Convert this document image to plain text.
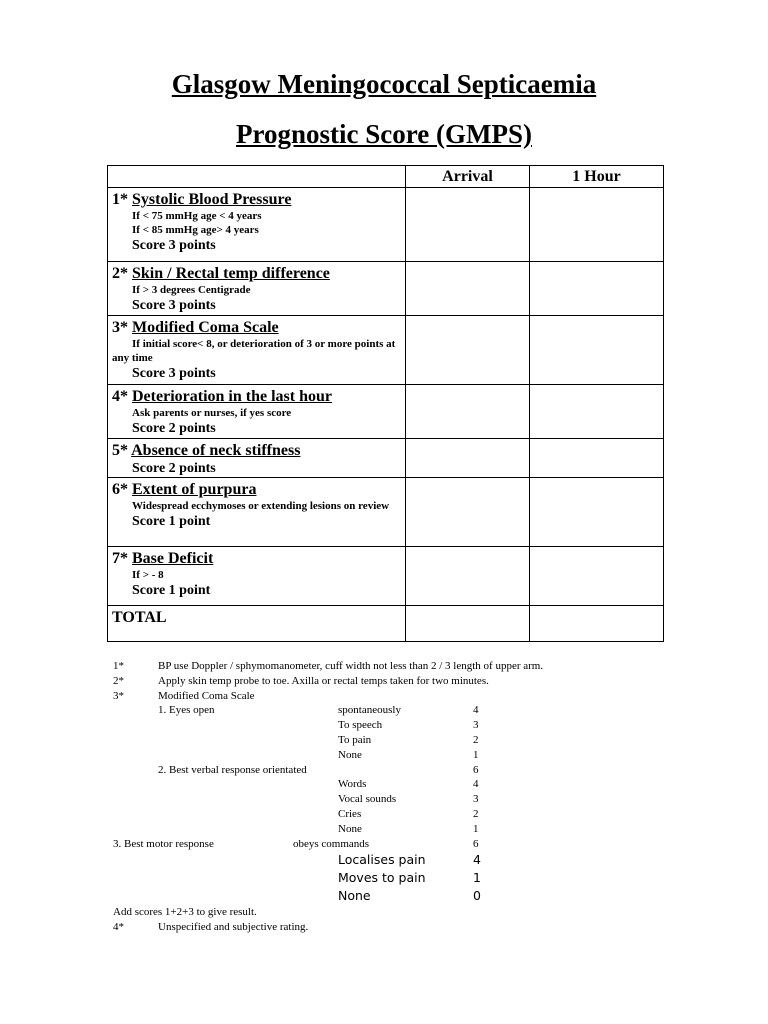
Glasgow Meningococcal Septicaemia
Prognostic Score (GMPS)
	Arrival	1 Hour

1* Systolic Blood Pressure
If < 75 mmHg age < 4 years
If < 85 mmHg age> 4 years
Score 3 points		

2* Skin / Rectal temp difference
If > 3 degrees Centigrade
Score 3 points		

3* Modified Coma Scale
If initial score< 8, or deterioration of 3 or more points at any time
Score 3 points		

4* Deterioration in the last hour
Ask parents or nurses, if yes score
Score 2 points		

5* Absence of neck stiffness
Score 2 points		

6* Extent of purpura
Widespread ecchymoses or extending lesions on review
Score 1 point		

7* Base Deficit
If > - 8
Score 1 point		

TOTAL		

1*	BP use Doppler / sphymomanometer, cuff width not less than 2 / 3 length of upper arm.
2*	Apply skin temp probe to toe. Axilla or rectal temps taken for two minutes.
3*	Modified Coma Scale
1. Eyes open	spontaneously	4
To speech	3
To pain	2
None	1
2. Best verbal response orientated	6
Words	4
Vocal sounds	3
Cries	2
None	1
3. Best motor response	obeys commands	6
Localises pain	4
Moves to pain	1
None	0
Add scores 1+2+3 to give result.
4*	Unspecified and subjective rating.
